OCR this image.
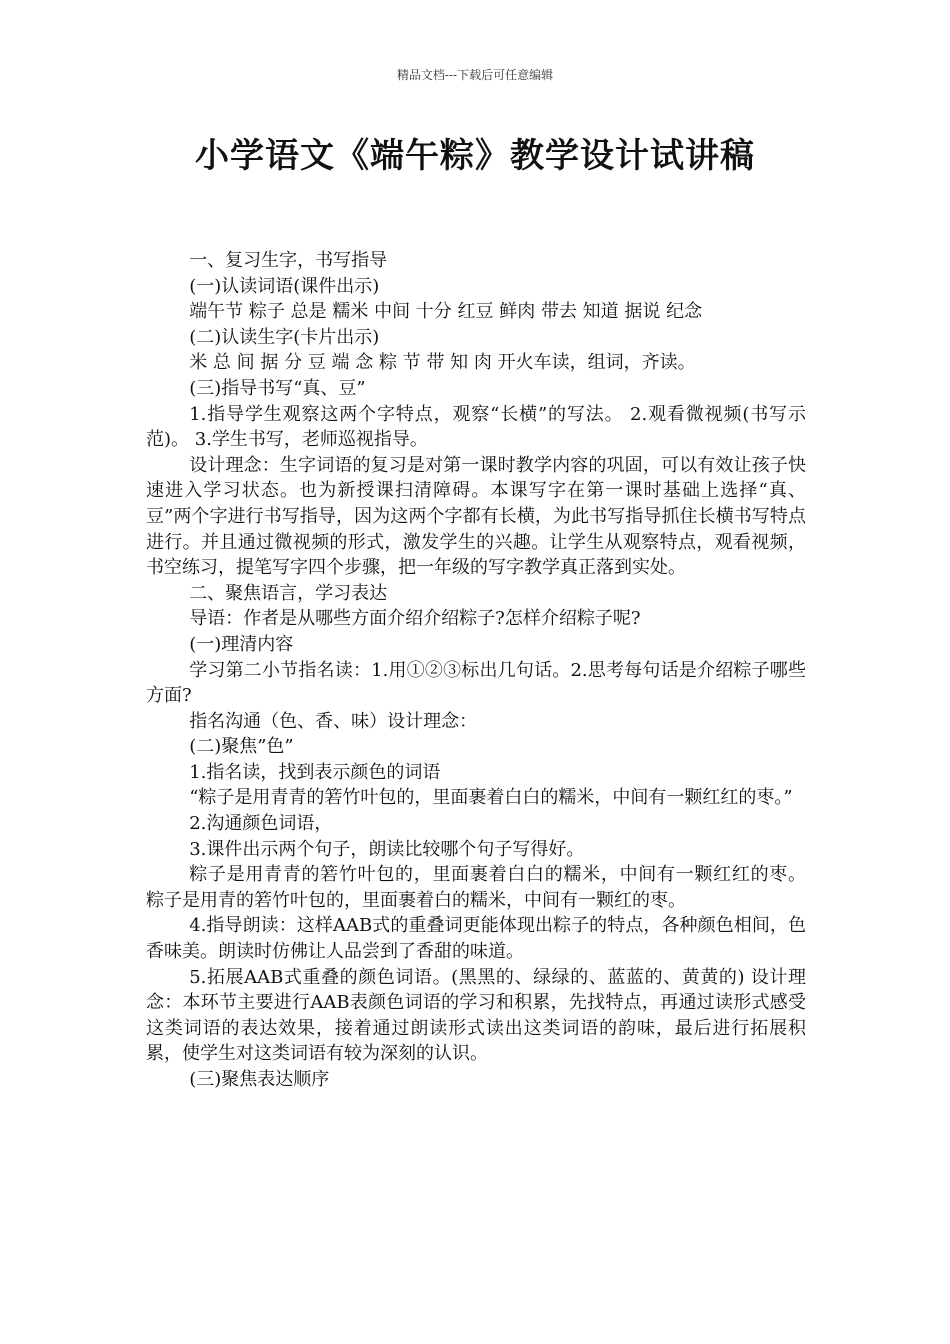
精品文档---下载后可任意编辑
小学语文《端午粽》教学设计试讲稿

一、复习生字，书写指导

(一)认读词语(课件出示)

端午节 粽子 总是 糯米 中间 十分 红豆 鲜肉 带去 知道 据说 纪念

(二)认读生字(卡片出示)

米 总 间 据 分 豆 端 念 粽 节 带 知 肉 开火车读，组词，齐读。

(三)指导书写“真、豆”

1.指导学生观察这两个字特点，观察“长横”的写法。 2.观看微视频(书写示范)。 3.学生书写，老师巡视指导。

设计理念：生字词语的复习是对第一课时教学内容的巩固，可以有效让孩子快速进入学习状态。也为新授课扫清障碍。本课写字在第一课时基础上选择“真、豆”两个字进行书写指导，因为这两个字都有长横，为此书写指导抓住长横书写特点进行。并且通过微视频的形式，激发学生的兴趣。让学生从观察特点，观看视频，书空练习，提笔写字四个步骤，把一年级的写字教学真正落到实处。

二、聚焦语言，学习表达

导语：作者是从哪些方面介绍介绍粽子?怎样介绍粽子呢?

(一)理清内容

学习第二小节指名读：1.用①②③标出几句话。2.思考每句话是介绍粽子哪些方面?

指名沟通（色、香、味）设计理念：

(二)聚焦”色”

1.指名读，找到表示颜色的词语

“粽子是用青青的箬竹叶包的，里面裹着白白的糯米，中间有一颗红红的枣。”

2.沟通颜色词语，

3.课件出示两个句子，朗读比较哪个句子写得好。

粽子是用青青的箬竹叶包的，里面裹着白白的糯米，中间有一颗红红的枣。 粽子是用青的箬竹叶包的，里面裹着白的糯米，中间有一颗红的枣。

4.指导朗读：这样AAB式的重叠词更能体现出粽子的特点，各种颜色相间，色香味美。朗读时仿佛让人品尝到了香甜的味道。

5.拓展AAB式重叠的颜色词语。(黑黑的、绿绿的、蓝蓝的、黄黄的) 设计理念：本环节主要进行AAB表颜色词语的学习和积累，先找特点，再通过读形式感受这类词语的表达效果，接着通过朗读形式读出这类词语的韵味，最后进行拓展积累，使学生对这类词语有较为深刻的认识。

(三)聚焦表达顺序
